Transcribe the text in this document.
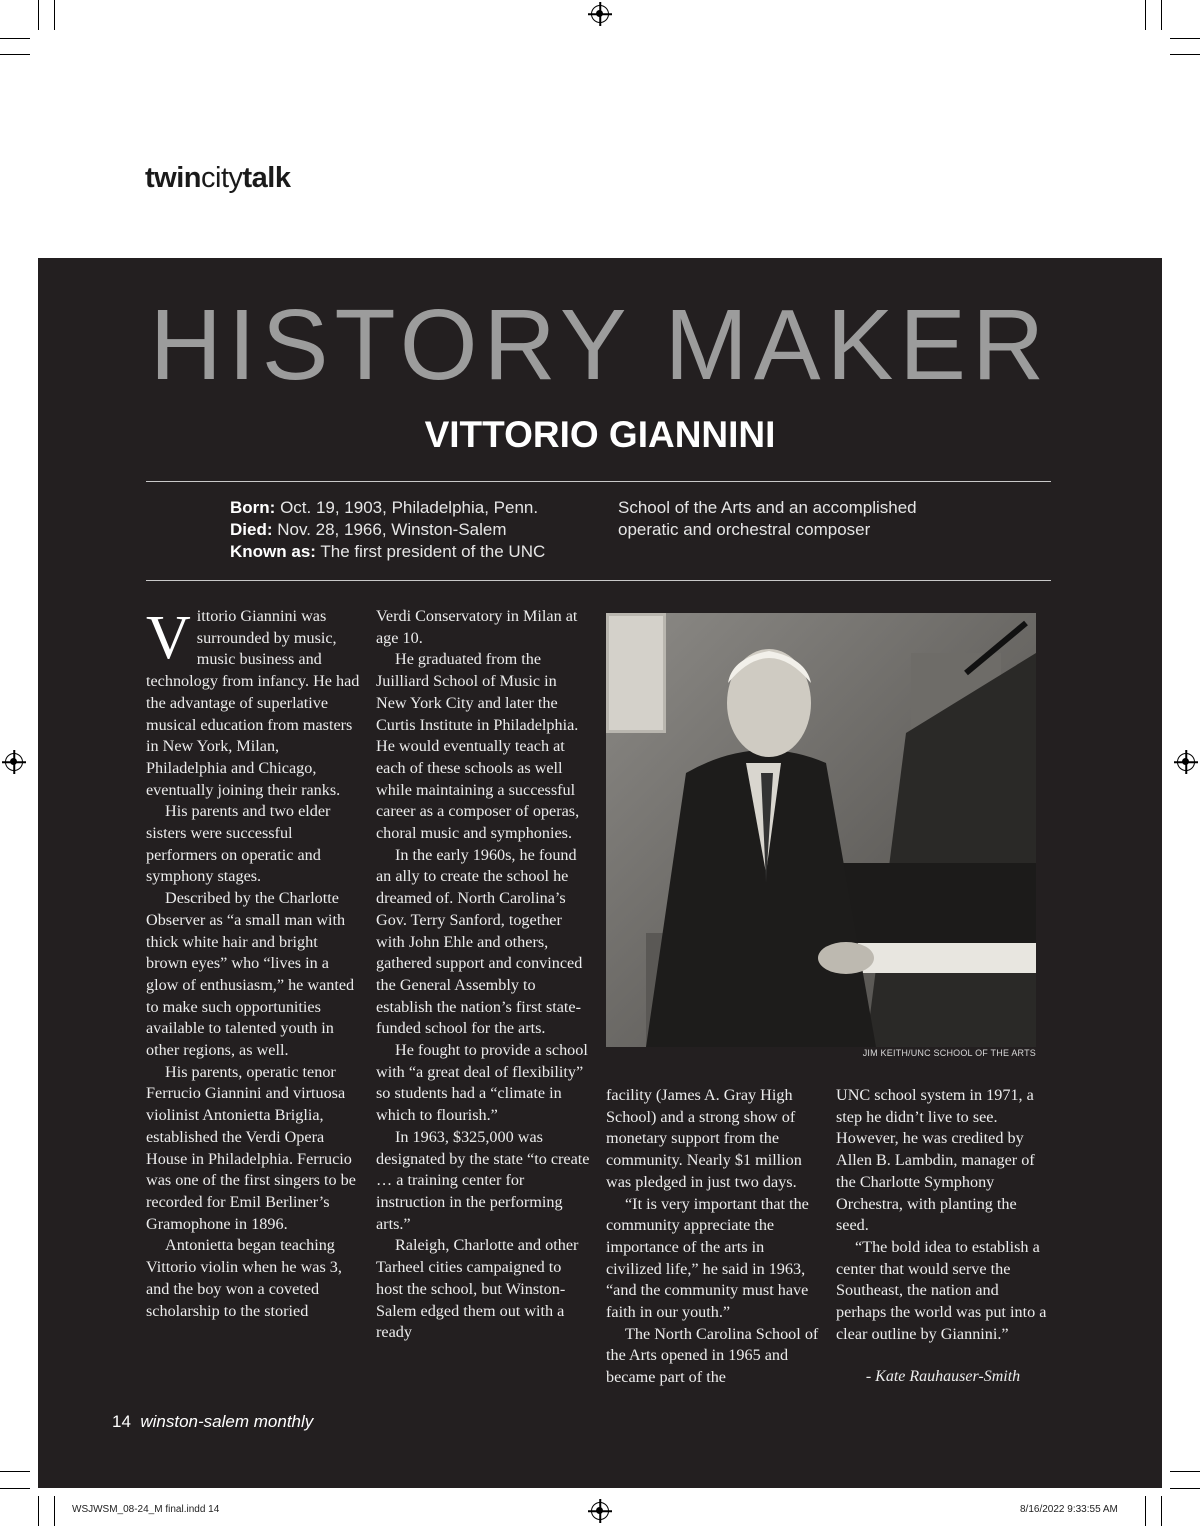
twincitytalk
HISTORY MAKER
VITTORIO GIANNINI
Born: Oct. 19, 1903, Philadelphia, Penn.
Died: Nov. 28, 1966, Winston-Salem
Known as: The first president of the UNC
School of the Arts and an accomplished operatic and orchestral composer

Vittorio Giannini was surrounded by music, music business and technology from infancy. He had the advantage of superlative musical education from masters in New York, Milan, Philadelphia and Chicago, eventually joining their ranks.

His parents and two elder sisters were successful performers on operatic and symphony stages.

Described by the Charlotte Observer as “a small man with thick white hair and bright brown eyes” who “lives in a glow of enthusiasm,” he wanted to make such opportunities available to talented youth in other regions, as well.

His parents, operatic tenor Ferrucio Giannini and virtuosa violinist Antonietta Briglia, established the Verdi Opera House in Philadelphia. Ferrucio was one of the first singers to be recorded for Emil Berliner’s Gramophone in 1896.

Antonietta began teaching Vittorio violin when he was 3, and the boy won a coveted scholarship to the storied

Verdi Conservatory in Milan at age 10.

He graduated from the Juilliard School of Music in New York City and later the Curtis Institute in Philadelphia. He would eventually teach at each of these schools as well while maintaining a successful career as a composer of operas, choral music and symphonies.

In the early 1960s, he found an ally to create the school he dreamed of. North Carolina’s Gov. Terry Sanford, together with John Ehle and others, gathered support and convinced the General Assembly to establish the nation’s first state-funded school for the arts.

He fought to provide a school with “a great deal of flexibility” so students had a “climate in which to flourish.”

In 1963, $325,000 was designated by the state “to create … a training center for instruction in the performing arts.”

Raleigh, Charlotte and other Tarheel cities campaigned to host the school, but Winston-Salem edged them out with a ready

JIM KEITH/UNC SCHOOL OF THE ARTS

facility (James A. Gray High School) and a strong show of monetary support from the community. Nearly $1 million was pledged in just two days.

“It is very important that the community appreciate the importance of the arts in civilized life,” he said in 1963, “and the community must have faith in our youth.”

The North Carolina School of the Arts opened in 1965 and became part of the

UNC school system in 1971, a step he didn’t live to see. However, he was credited by Allen B. Lambdin, manager of the Charlotte Symphony Orchestra, with planting the seed.

“The bold idea to establish a center that would serve the Southeast, the nation and perhaps the world was put into a clear outline by Giannini.”

- Kate Rauhauser-Smith
14 winston-salem monthly
WSJWSM_08-24_M final.indd 14	8/16/2022 9:33:55 AM
